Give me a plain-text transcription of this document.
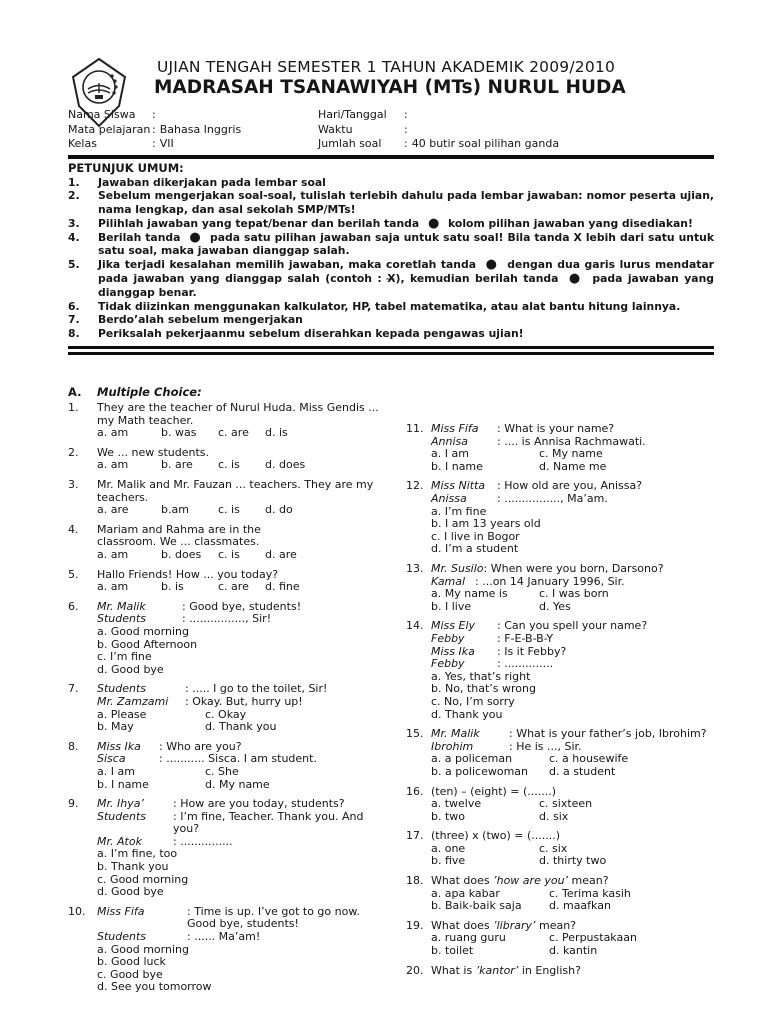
UJIAN TENGAH SEMESTER 1 TAHUN AKADEMIK 2009/2010
MADRASAH TSANAWIYAH (MTs) NURUL HUDA
Nama Siswa :
Mata pelajaran : Bahasa Inggris
Kelas	: VII
Hari/Tanggal :
Waktu	:
Jumlah soal : 40 butir soal pilihan ganda
PETUNJUK UMUM:
1.	Jawaban dikerjakan pada lembar soal
2.	Sebelum mengerjakan soal-soal, tulislah terlebih dahulu pada lembar jawaban: nomor peserta ujian, nama lengkap, dan asal sekolah SMP/MTs!
3.	Pilihlah jawaban yang tepat/benar dan berilah tanda ● kolom pilihan jawaban yang disediakan!
4.	Berilah tanda ● pada satu pilihan jawaban saja untuk satu soal! Bila tanda X lebih dari satu untuk satu soal, maka jawaban dianggap salah.
5.	Jika terjadi kesalahan memilih jawaban, maka coretlah tanda ● dengan dua garis lurus mendatar pada jawaban yang dianggap salah (contoh : X̶), kemudian berilah tanda ● pada jawaban yang dianggap benar.
6.	Tidak diizinkan menggunakan kalkulator, HP, tabel matematika, atau alat bantu hitung lainnya.
7.	Berdo’alah sebelum mengerjakan
8.	Periksalah pekerjaanmu sebelum diserahkan kepada pengawas ujian!
A.	Multiple Choice:
1.	They are the teacher of Nurul Huda. Miss Gendis ...
my Math teacher.
a. am	b. was	c. are	d. is
2.	We ... new students.
a. am	b. are	c. is	d. does
3.	Mr. Malik and Mr. Fauzan ... teachers. They are my
teachers.
a. are	b.am	c. is	d. do
4.	Mariam and Rahma are in the
classroom. We ... classmates.
a. am	b. does	c. is	d. are
5.	Hallo Friends! How ... you today?
a. am	b. is	c. are	d. fine
6.	Mr. Malik	: Good bye, students!
Students	: ................, Sir!
a. Good morning
b. Good Afternoon
c. I’m fine
d. Good bye
7.	Students	: ..... I go to the toilet, Sir!
Mr. Zamzami	: Okay. But, hurry up!
a. Please
b. May
c. Okay
d. Thank you
8.	Miss Ika	: Who are you?
Sisca	: ........... Sisca. I am student.
a. I am
b. I name
c. She
d. My name
9.	Mr. Ihya’	: How are you today, students?
Students	: I’m fine, Teacher. Thank you. And
you?
Mr. Atok	: ...............
a. I’m fine, too
b. Thank you
c. Good morning
d. Good bye
10.	Miss Fifa	: Time is up. I’ve got to go now.
Good bye, students!
Students	: ...... Ma’am!
a. Good morning
b. Good luck
c. Good bye
d. See you tomorrow
11. Miss Fifa	: What is your name?
Annisa	: .... is Annisa Rachmawati.
a. I am
b. I name
c. My name
d. Name me
12. Miss Nitta	: How old are you, Anissa?
Anissa	: ................, Ma’am.
a. I’m fine
b. I am 13 years old
c. I live in Bogor
d. I’m a student
13. Mr. Susilo: When were you born, Darsono?
Kamal : ...on 14 January 1996, Sir.
a. My name is
b. I live
c. I was born
d. Yes
14. Miss Ely	: Can you spell your name?
Febby	: F-E-B-B-Y
Miss Ika	: Is it Febby?
Febby	: ..............
a. Yes, that’s right
b. No, that’s wrong
c. No, I’m sorry
d. Thank you
15. Mr. Malik	: What is your father’s job, Ibrohim?
Ibrohim	: He is ..., Sir.
a. a policeman
b. a policewoman
c. a housewife
d. a student
16. (ten) – (eight) = (.......)
a. twelve
b. two
c. sixteen
d. six
17. (three) x (two) = (.......)
a. one
b. five
c. six
d. thirty two
18. What does ’how are you’ mean?
a. apa kabar
b. Baik-baik saja
c. Terima kasih
d. maafkan
19. What does ’library’ mean?
a. ruang guru
b. toilet
c. Perpustakaan
d. kantin
20. What is ’kantor’ in English?
